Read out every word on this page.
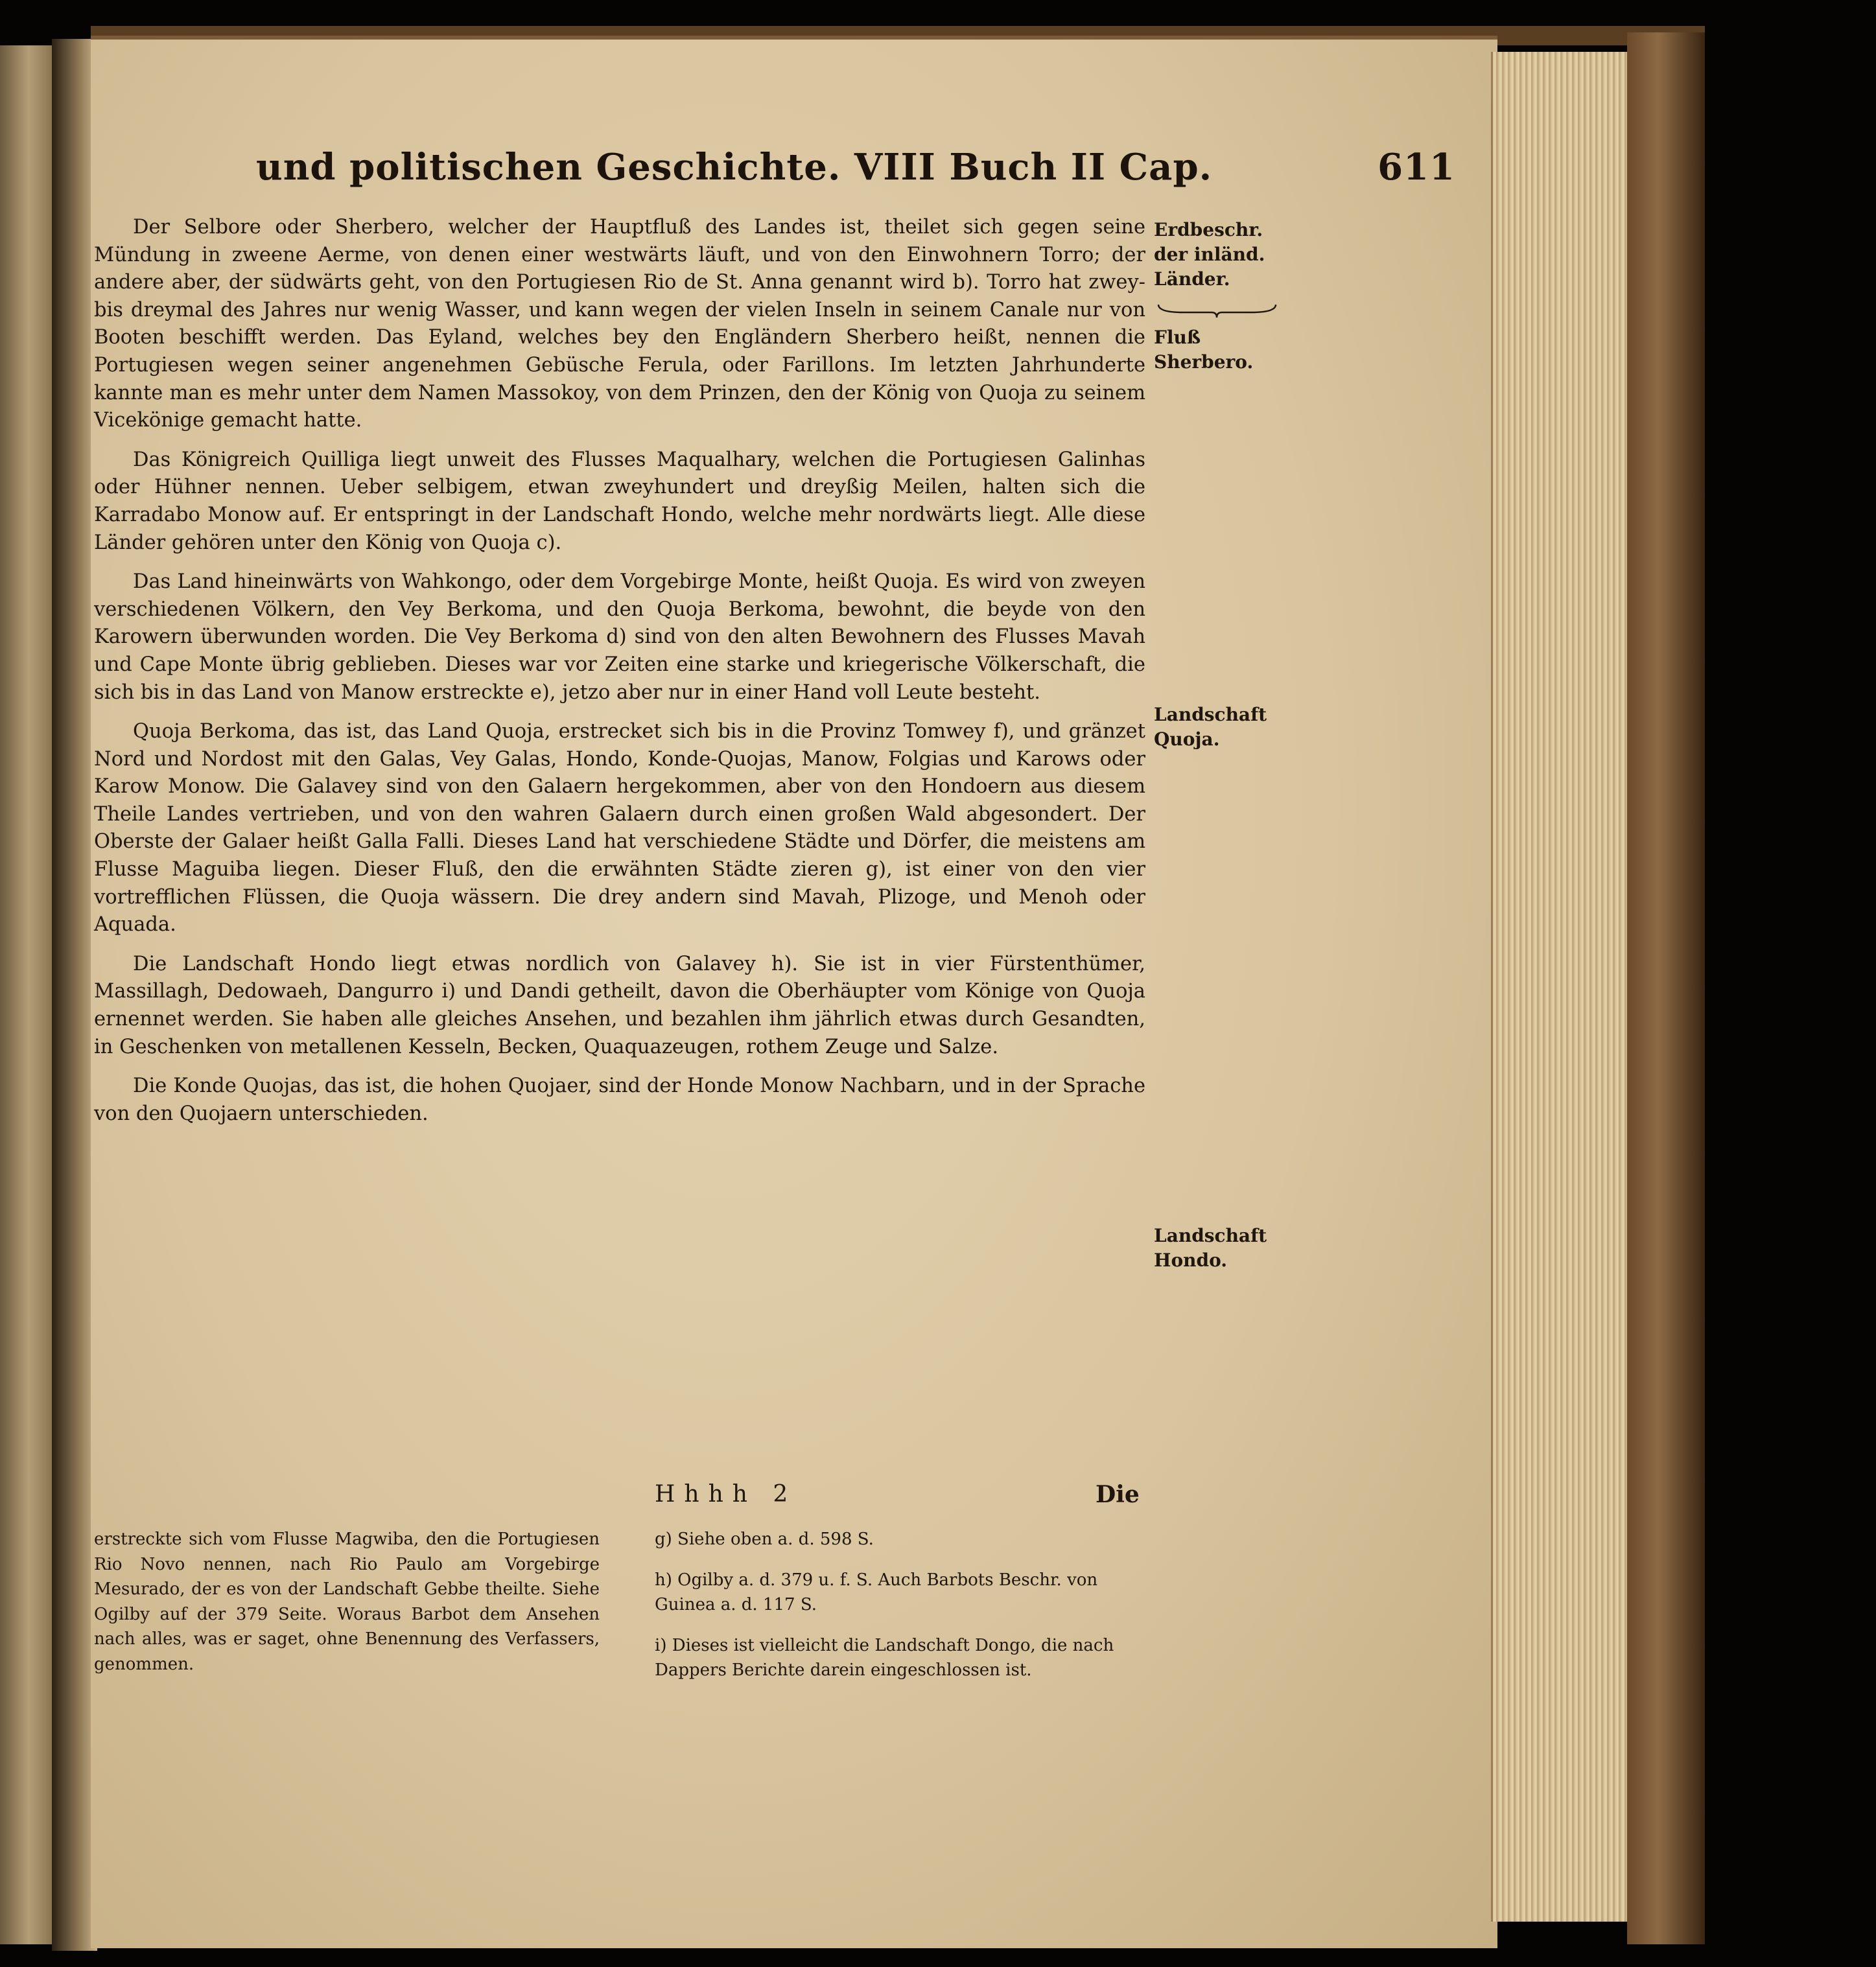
und politischen Geschichte. VIII Buch II Cap.	611

Der Selbore oder Sherbero, welcher der Hauptfluß des Landes ist, theilet sich gegen seine Mündung in zweene Aerme, von denen einer westwärts läuft, und von den Einwohnern Torro; der andere aber, der südwärts geht, von den Portugiesen Rio de St. Anna genannt wird b). Torro hat zwey- bis dreymal des Jahres nur wenig Wasser, und kann wegen der vielen Inseln in seinem Canale nur von Booten beschifft werden. Das Eyland, welches bey den Engländern Sherbero heißt, nennen die Portugiesen wegen seiner angenehmen Gebüsche Ferula, oder Farillons. Im letzten Jahrhunderte kannte man es mehr unter dem Namen Massokoy, von dem Prinzen, den der König von Quoja zu seinem Vicekönige gemacht hatte.

Das Königreich Quilliga liegt unweit des Flusses Maqualhary, welchen die Portugiesen Galinhas oder Hühner nennen. Ueber selbigem, etwan zweyhundert und dreyßig Meilen, halten sich die Karradabo Monow auf. Er entspringt in der Landschaft Hondo, welche mehr nordwärts liegt. Alle diese Länder gehören unter den König von Quoja c).

Das Land hineinwärts von Wahkongo, oder dem Vorgebirge Monte, heißt Quoja. Es wird von zweyen verschiedenen Völkern, den Vey Berkoma, und den Quoja Berkoma, bewohnt, die beyde von den Karowern überwunden worden. Die Vey Berkoma d) sind von den alten Bewohnern des Flusses Mavah und Cape Monte übrig geblieben. Dieses war vor Zeiten eine starke und kriegerische Völkerschaft, die sich bis in das Land von Manow erstreckte e), jetzo aber nur in einer Hand voll Leute besteht.

Quoja Berkoma, das ist, das Land Quoja, erstrecket sich bis in die Provinz Tomwey f), und gränzet Nord und Nordost mit den Galas, Vey Galas, Hondo, Konde-Quojas, Manow, Folgias und Karows oder Karow Monow. Die Galavey sind von den Galaern hergekommen, aber von den Hondoern aus diesem Theile Landes vertrieben, und von den wahren Galaern durch einen großen Wald abgesondert. Der Oberste der Galaer heißt Galla Falli. Dieses Land hat verschiedene Städte und Dörfer, die meistens am Flusse Maguiba liegen. Dieser Fluß, den die erwähnten Städte zieren g), ist einer von den vier vortrefflichen Flüssen, die Quoja wässern. Die drey andern sind Mavah, Plizoge, und Menoh oder Aquada.

Die Landschaft Hondo liegt etwas nordlich von Galavey h). Sie ist in vier Fürstenthümer, Massillagh, Dedowaeh, Dangurro i) und Dandi getheilt, davon die Oberhäupter vom Könige von Quoja ernennet werden. Sie haben alle gleiches Ansehen, und bezahlen ihm jährlich etwas durch Gesandten, in Geschenken von metallenen Kesseln, Becken, Quaquazeugen, rothem Zeuge und Salze.

Die Konde Quojas, das ist, die hohen Quojaer, sind der Honde Monow Nachbarn, und in der Sprache von den Quojaern unterschieden.

Erdbeschr. der inländ. Länder.
Fluß Sherbero.
Landschaft Quoja.
Landschaft Hondo.
Hhhh 2	Die

erstreckte sich vom Flusse Magwiba, den die Portugiesen Rio Novo nennen, nach Rio Paulo am Vorgebirge Mesurado, der es von der Landschaft Gebbe theilte. Siehe Ogilby auf der 379 Seite. Woraus Barbot dem Ansehen nach alles, was er saget, ohne Benennung des Verfassers, genommen.

g) Siehe oben a. d. 598 S.

h) Ogilby a. d. 379 u. f. S. Auch Barbots Beschr. von Guinea a. d. 117 S.

i) Dieses ist vielleicht die Landschaft Dongo, die nach Dappers Berichte darein eingeschlossen ist.
